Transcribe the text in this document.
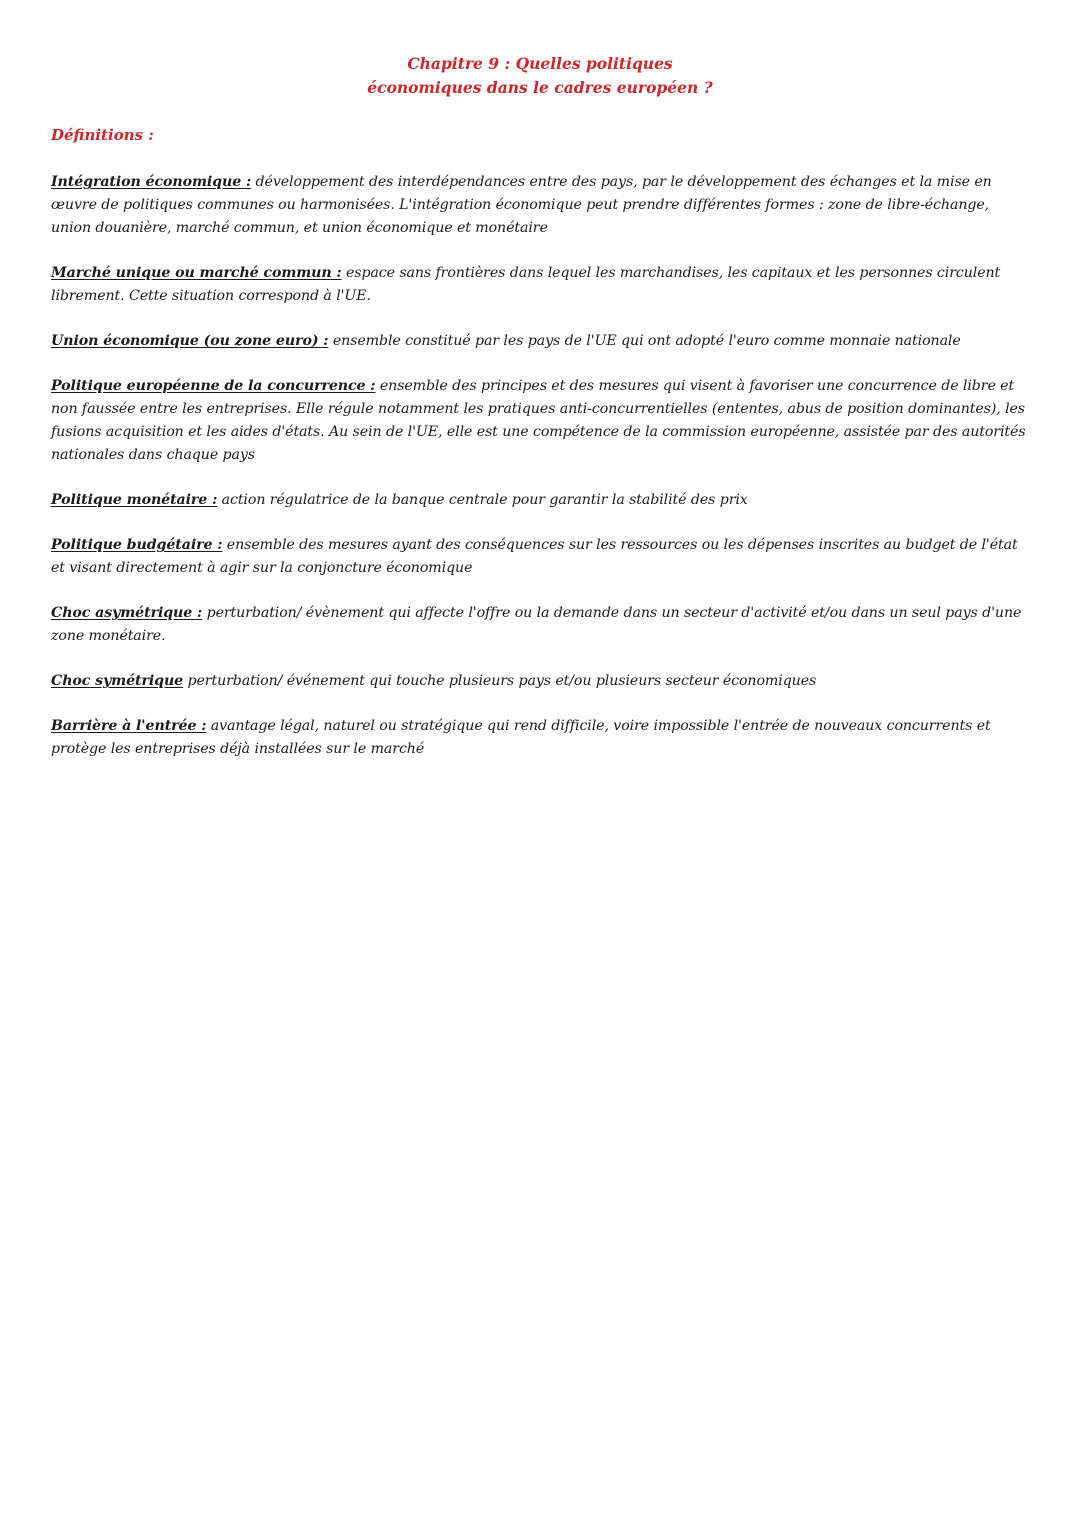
Chapitre 9 : Quelles politiques
économiques dans le cadres européen ?
Définitions :

Intégration économique : développement des interdépendances entre des pays, par le développement des échanges et la mise en œuvre de politiques communes ou harmonisées. L'intégration économique peut prendre différentes formes : zone de libre-échange, union douanière, marché commun, et union économique et monétaire

Marché unique ou marché commun : espace sans frontières dans lequel les marchandises, les capitaux et les personnes circulent librement. Cette situation correspond à l'UE.

Union économique (ou zone euro) : ensemble constitué par les pays de l'UE qui ont adopté l'euro comme monnaie nationale

Politique européenne de la concurrence : ensemble des principes et des mesures qui visent à favoriser une concurrence de libre et non faussée entre les entreprises. Elle régule notamment les pratiques anti-concurrentielles (ententes, abus de position dominantes), les fusions acquisition et les aides d'états. Au sein de l'UE, elle est une compétence de la commission européenne, assistée par des autorités nationales dans chaque pays

Politique monétaire : action régulatrice de la banque centrale pour garantir la stabilité des prix

Politique budgétaire : ensemble des mesures ayant des conséquences sur les ressources ou les dépenses inscrites au budget de l'état et visant directement à agir sur la conjoncture économique

Choc asymétrique : perturbation/ évènement qui affecte l'offre ou la demande dans un secteur d'activité et/ou dans un seul pays d'une zone monétaire.

Choc symétrique perturbation/ événement qui touche plusieurs pays et/ou plusieurs secteur économiques

Barrière à l'entrée : avantage légal, naturel ou stratégique qui rend difficile, voire impossible l'entrée de nouveaux concurrents et protège les entreprises déjà installées sur le marché
